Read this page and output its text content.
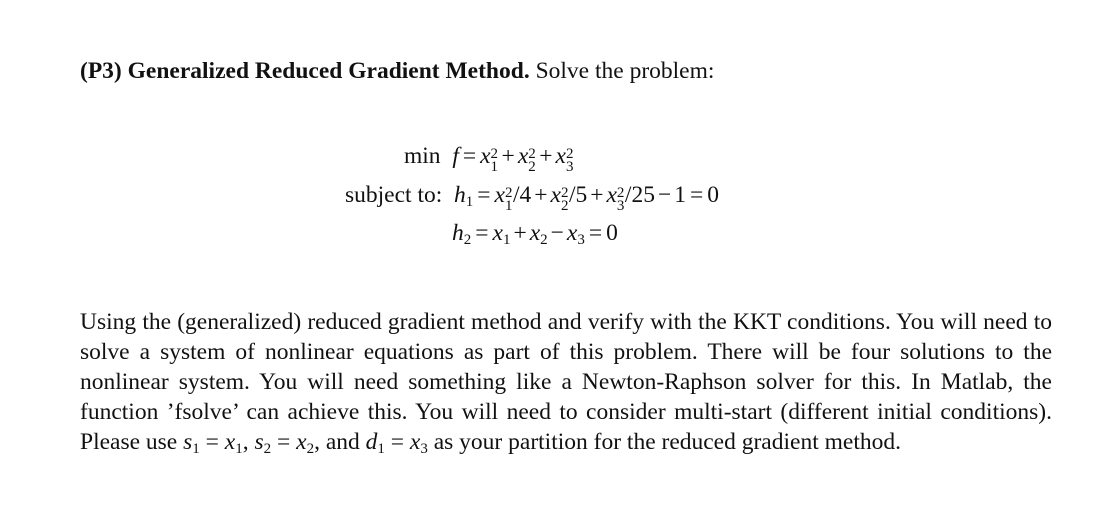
(P3) Generalized Reduced Gradient Method. Solve the problem:
min f = x 2
1 + x 2
2 + x 2
3
subject to: $h_1 = x$ 2
1 /4 + x 2
2 /5 + x 2
3 /25 − 1 = 0
$h_2 = x_1 + x_2 - x_3 = 0$

Using the (generalized) reduced gradient method and verify with the KKT conditions. You will need to solve a system of nonlinear equations as part of this problem. There will be four solutions to the nonlinear system. You will need something like a Newton-Raphson solver for this. In Matlab, the function ’fsolve’ can achieve this. You will need to consider multi-start (different initial conditions). Please use $s_1 = x_1$, $s_2 = x_2$, and $d_1 = x_3$ as your partition for the reduced gradient method.
